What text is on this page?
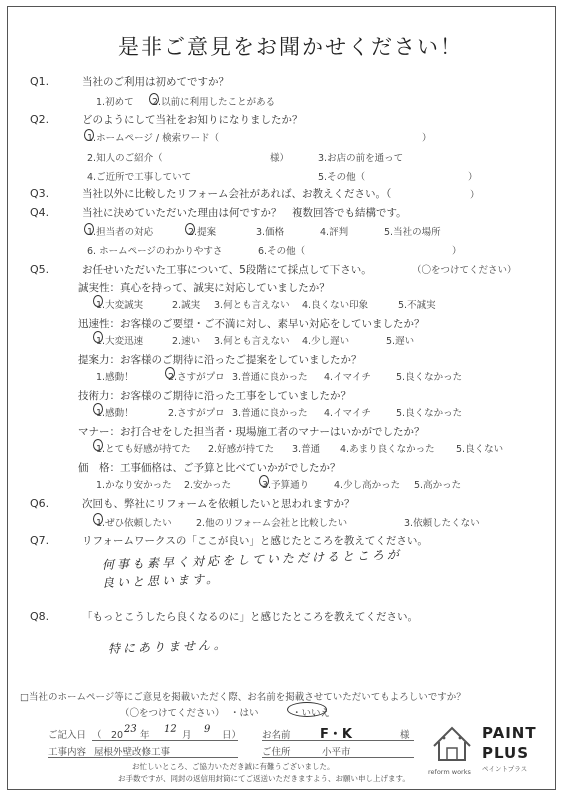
是非ご意見をお聞かせください！
Q1.	当社のご利用は初めてですか？
1.初めて 2.以前に利用したことがある
Q2.	どのようにして当社をお知りになりましたか？
1.ホームページ / 検索ワード（	）
2.知人のご紹介（	様）	3.お店の前を通って
4.ご近所で工事していて	5.その他（	）
Q3.	当社以外に比較したリフォーム会社があれば、お教えください。（	）
Q4.	当社に決めていただいた理由は何ですか？　複数回答でも結構です。
1.担当者の対応	2.提案	3.価格	4.評判	5.当社の場所
6. ホームページのわかりやすさ	6.その他（	）
Q5.	お任せいただいた工事について、5段階にて採点して下さい。	（〇をつけてください）
誠実性：真心を持って、誠実に対応していましたか？
1.大変誠実	2.誠実 3.何とも言えない 4.良くない印象	5.不誠実
迅速性：お客様のご要望・ご不満に対し、素早い対応をしていましたか？
1.大変迅速	2.速い 3.何とも言えない 4.少し遅い	5.遅い
提案力：お客様のご期待に沿ったご提案をしていましたか？
1.感動！	2.さすがプロ 3.普通に良かった 4.イマイチ	5.良くなかった
技術力：お客様のご期待に沿った工事をしていましたか？
1.感動！	2.さすがプロ 3.普通に良かった 4.イマイチ	5.良くなかった
マナー：お打合せをした担当者・現場施工者のマナーはいかがでしたか？
1.とても好感が持てた 2.好感が持てた 3.普通 4.あまり良くなかった 5.良くない
価　格：工事価格は、ご予算と比べていかがでしたか？
1.かなり安かった 2.安かった	3.予算通り	4.少し高かった 5.高かった
Q6.	次回も、弊社にリフォームを依頼したいと思われますか？
1.ぜひ依頼したい	2.他のリフォーム会社と比較したい	3.依頼したくない
Q7.	リフォームワークスの「ここが良い」と感じたところを教えてください。
何事も素早く対応をしていただけるところが
良いと思います。
Q8.	「もっとこうしたら良くなるのに」と感じたところを教えてください。
特にありません。
□当社のホームページ等にご意見を掲載いただく際、お名前を掲載させていただいてもよろしいですか？
（〇をつけてください） ・はい	・いいえ
ご記入日 （　20
23
年
12
月
9
日） お名前 F・K	様
工事内容 屋根外壁改修工事	ご住所	小平市
お忙しいところ、ご協力いただき誠に有難うございました。
お手数ですが、同封の返信用封筒にてご返送いただきますよう、お願い申し上げます。
reform works
PAINT
PLUS
ペイントプラス
